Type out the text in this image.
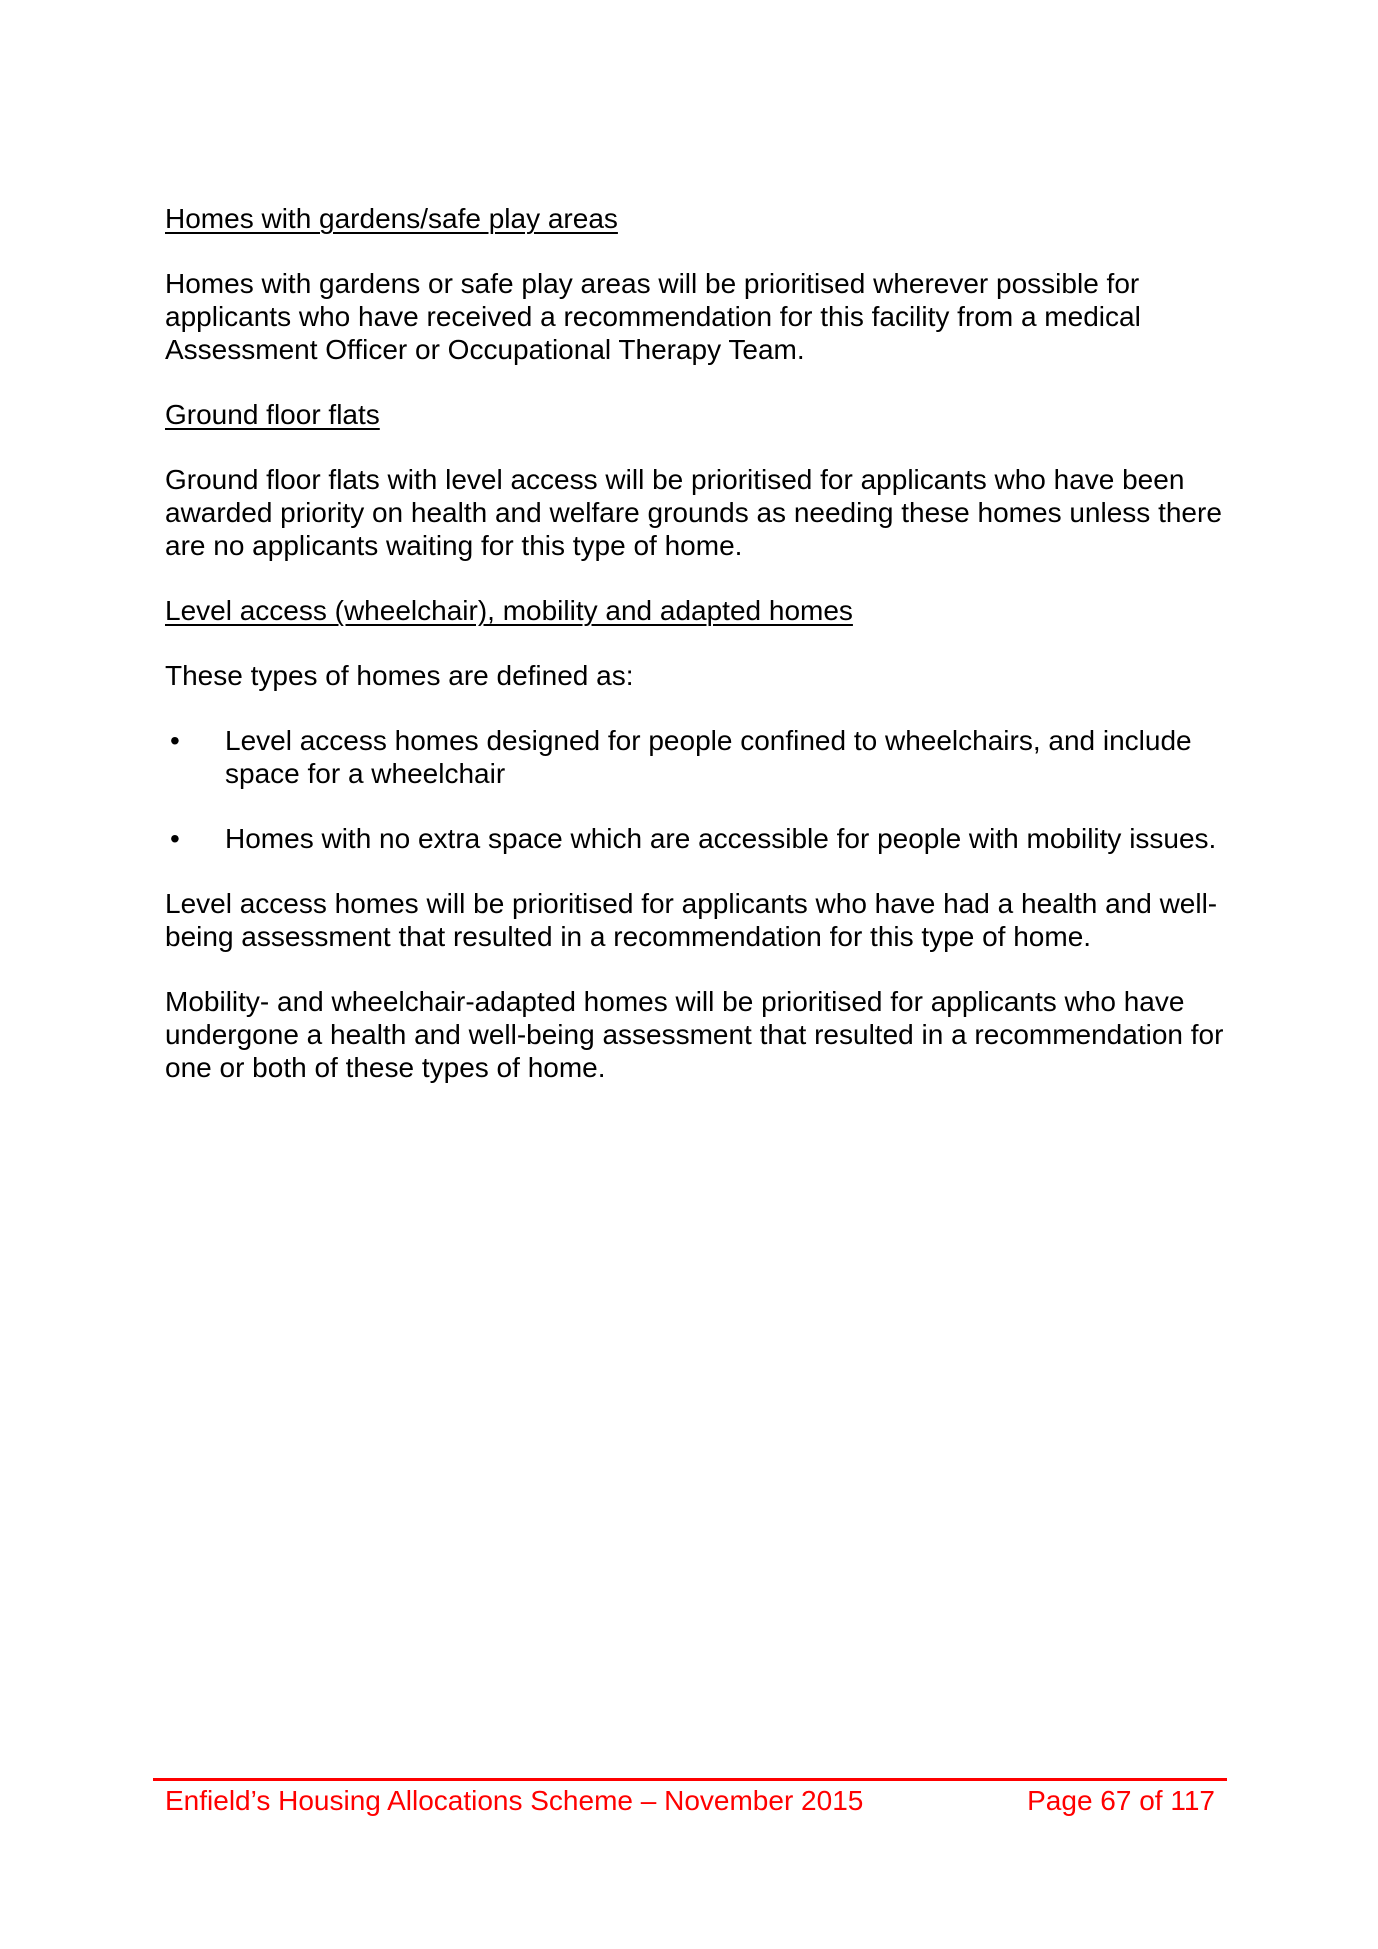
Homes with gardens/safe play areas

Homes with gardens or safe play areas will be prioritised wherever possible for applicants who have received a recommendation for this facility from a medical Assessment Officer or Occupational Therapy Team.

Ground floor flats

Ground floor flats with level access will be prioritised for applicants who have been awarded priority on health and welfare grounds as needing these homes unless there are no applicants waiting for this type of home.

Level access (wheelchair), mobility and adapted homes

These types of homes are defined as:

• Level access homes designed for people confined to wheelchairs, and include space for a wheelchair
• Homes with no extra space which are accessible for people with mobility issues.

Level access homes will be prioritised for applicants who have had a health and well-being assessment that resulted in a recommendation for this type of home.

Mobility- and wheelchair-adapted homes will be prioritised for applicants who have undergone a health and well-being assessment that resulted in a recommendation for one or both of these types of home.

Enfield’s Housing Allocations Scheme – November 2015	Page 67 of 117
